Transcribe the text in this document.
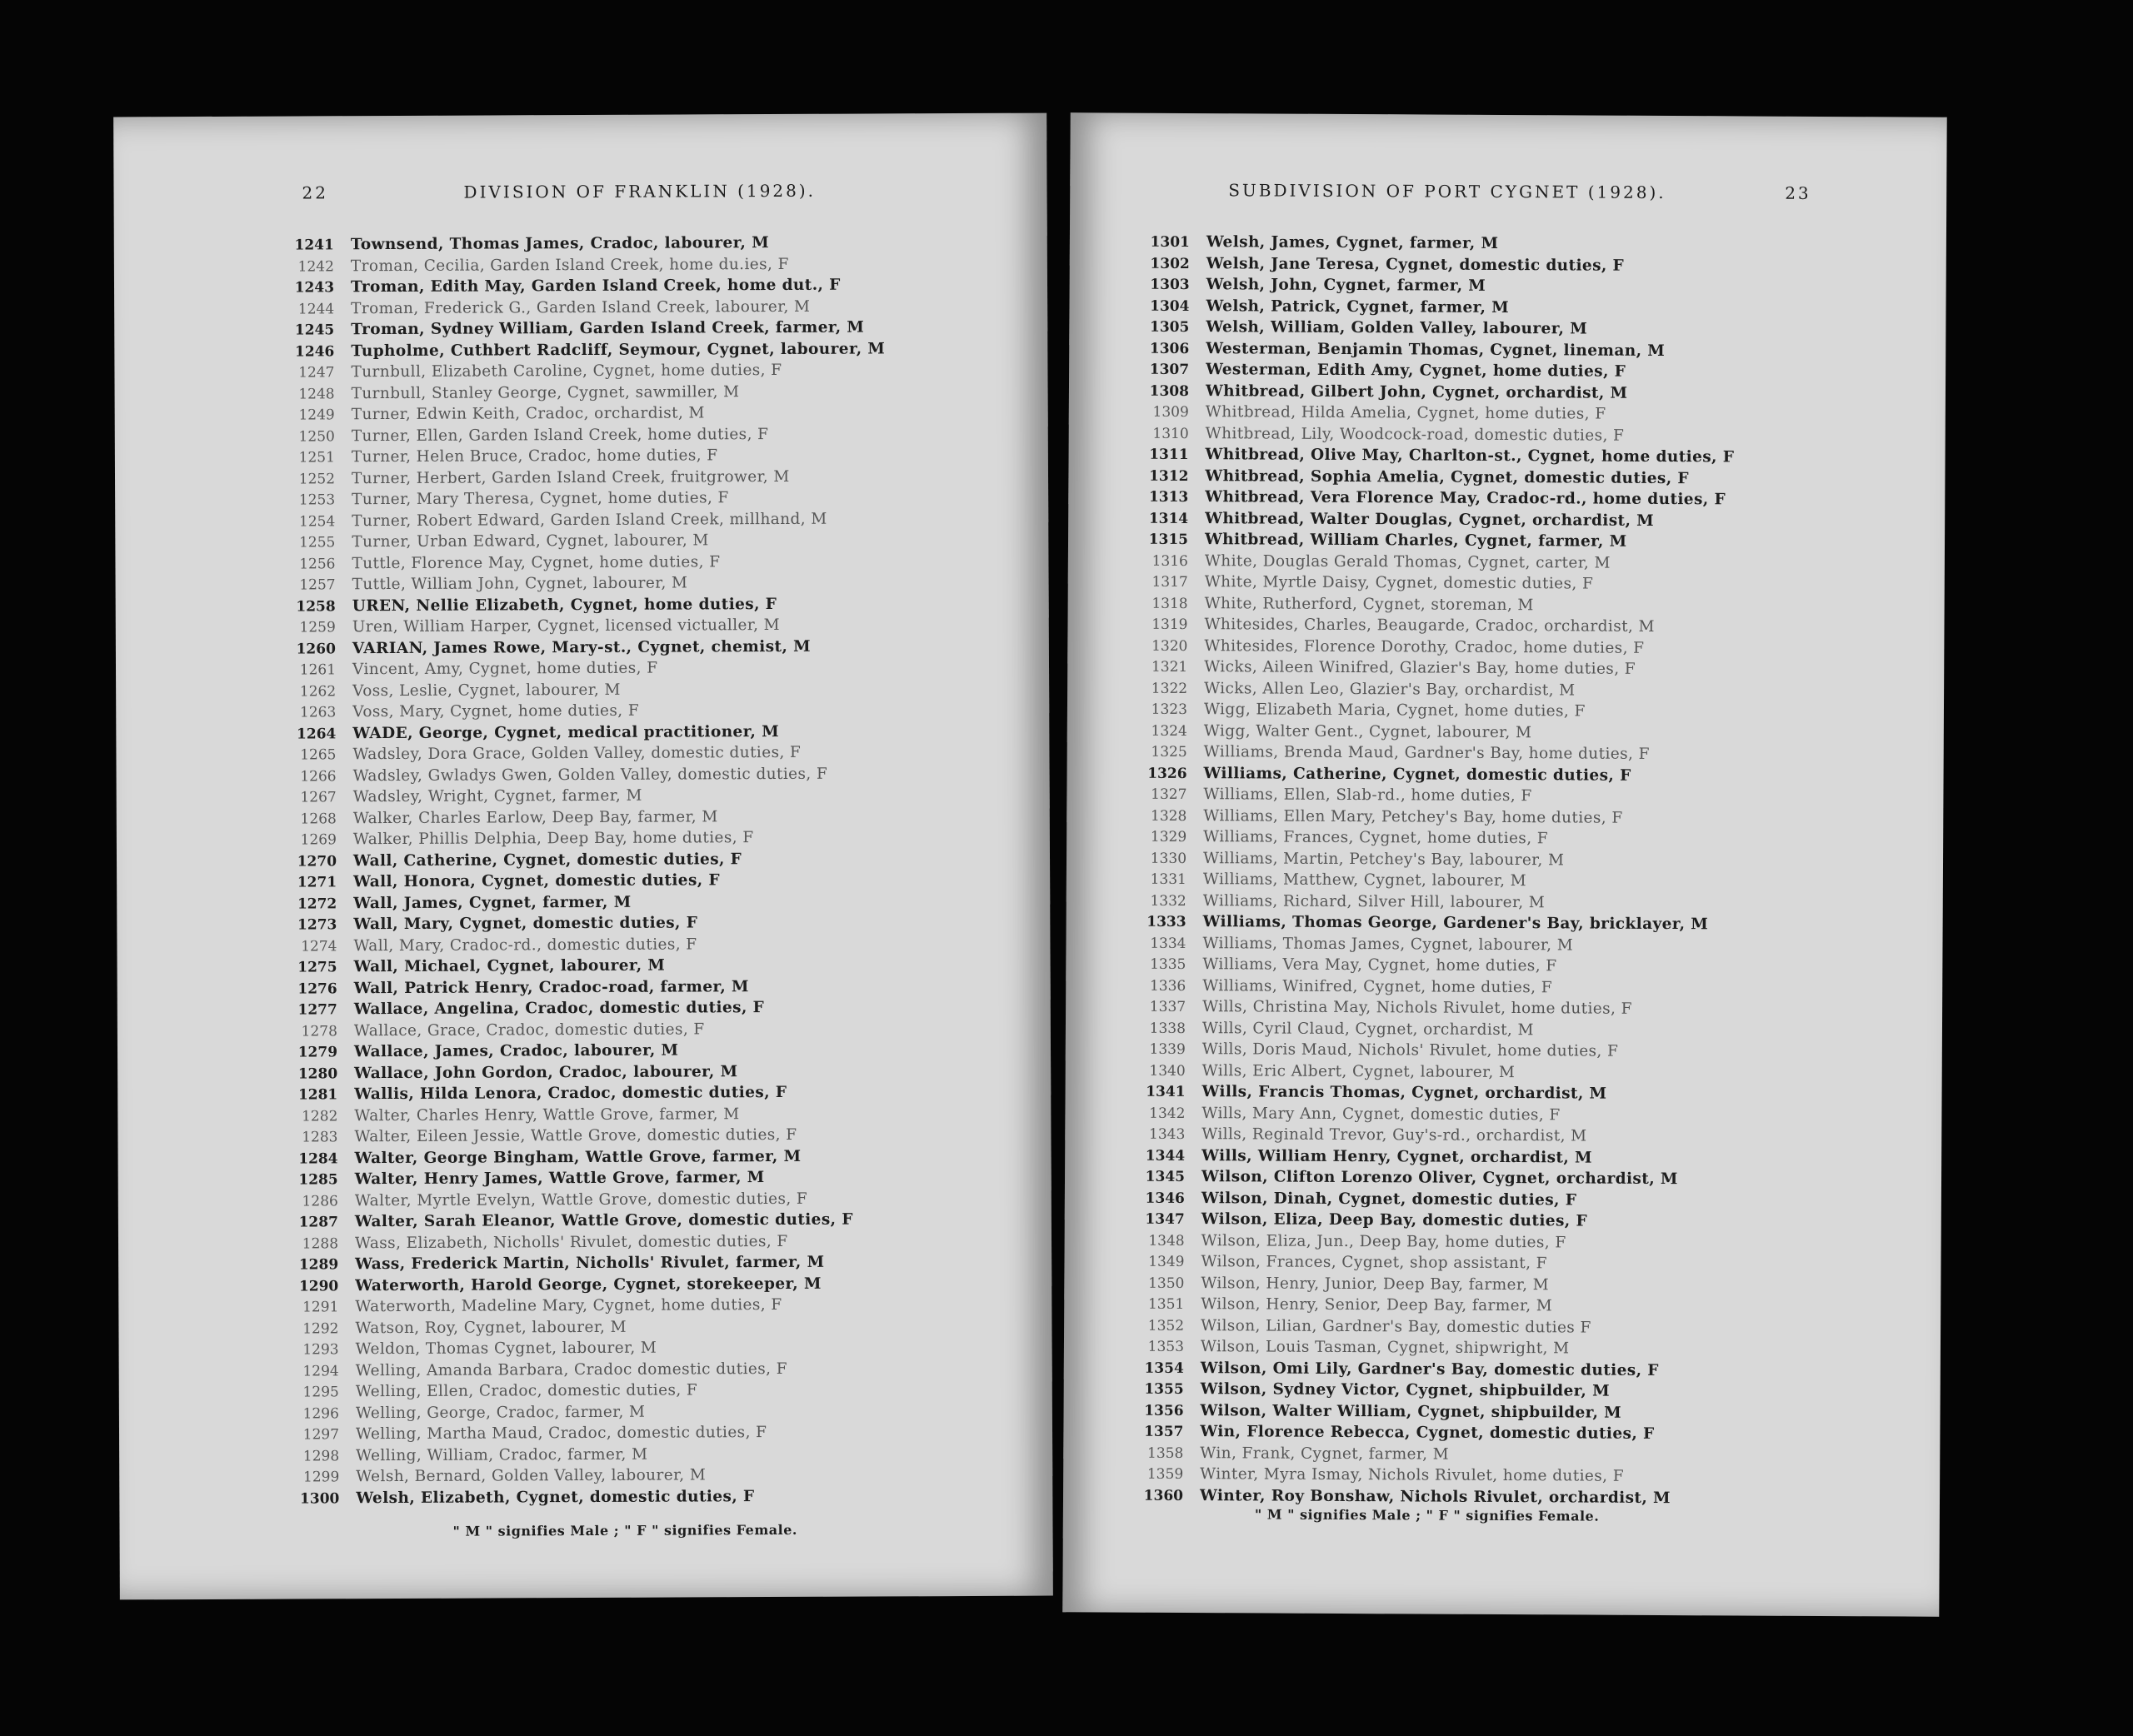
22	DIVISION OF FRANKLIN (1928).
1241 Townsend, Thomas James, Cradoc, labourer, M
1242 Troman, Cecilia, Garden Island Creek, home du.ies, F
1243 Troman, Edith May, Garden Island Creek, home dut., F
1244 Troman, Frederick G., Garden Island Creek, labourer, M
1245 Troman, Sydney William, Garden Island Creek, farmer, M
1246 Tupholme, Cuthbert Radcliff, Seymour, Cygnet, labourer, M
1247 Turnbull, Elizabeth Caroline, Cygnet, home duties, F
1248 Turnbull, Stanley George, Cygnet, sawmiller, M
1249 Turner, Edwin Keith, Cradoc, orchardist, M
1250 Turner, Ellen, Garden Island Creek, home duties, F
1251 Turner, Helen Bruce, Cradoc, home duties, F
1252 Turner, Herbert, Garden Island Creek, fruitgrower, M
1253 Turner, Mary Theresa, Cygnet, home duties, F
1254 Turner, Robert Edward, Garden Island Creek, millhand, M
1255 Turner, Urban Edward, Cygnet, labourer, M
1256 Tuttle, Florence May, Cygnet, home duties, F
1257 Tuttle, William John, Cygnet, labourer, M
1258 UREN, Nellie Elizabeth, Cygnet, home duties, F
1259 Uren, William Harper, Cygnet, licensed victualler, M
1260 VARIAN, James Rowe, Mary-st., Cygnet, chemist, M
1261 Vincent, Amy, Cygnet, home duties, F
1262 Voss, Leslie, Cygnet, labourer, M
1263 Voss, Mary, Cygnet, home duties, F
1264 WADE, George, Cygnet, medical practitioner, M
1265 Wadsley, Dora Grace, Golden Valley, domestic duties, F
1266 Wadsley, Gwladys Gwen, Golden Valley, domestic duties, F
1267 Wadsley, Wright, Cygnet, farmer, M
1268 Walker, Charles Earlow, Deep Bay, farmer, M
1269 Walker, Phillis Delphia, Deep Bay, home duties, F
1270 Wall, Catherine, Cygnet, domestic duties, F
1271 Wall, Honora, Cygnet, domestic duties, F
1272 Wall, James, Cygnet, farmer, M
1273 Wall, Mary, Cygnet, domestic duties, F
1274 Wall, Mary, Cradoc-rd., domestic duties, F
1275 Wall, Michael, Cygnet, labourer, M
1276 Wall, Patrick Henry, Cradoc-road, farmer, M
1277 Wallace, Angelina, Cradoc, domestic duties, F
1278 Wallace, Grace, Cradoc, domestic duties, F
1279 Wallace, James, Cradoc, labourer, M
1280 Wallace, John Gordon, Cradoc, labourer, M
1281 Wallis, Hilda Lenora, Cradoc, domestic duties, F
1282 Walter, Charles Henry, Wattle Grove, farmer, M
1283 Walter, Eileen Jessie, Wattle Grove, domestic duties, F
1284 Walter, George Bingham, Wattle Grove, farmer, M
1285 Walter, Henry James, Wattle Grove, farmer, M
1286 Walter, Myrtle Evelyn, Wattle Grove, domestic duties, F
1287 Walter, Sarah Eleanor, Wattle Grove, domestic duties, F
1288 Wass, Elizabeth, Nicholls' Rivulet, domestic duties, F
1289 Wass, Frederick Martin, Nicholls' Rivulet, farmer, M
1290 Waterworth, Harold George, Cygnet, storekeeper, M
1291 Waterworth, Madeline Mary, Cygnet, home duties, F
1292 Watson, Roy, Cygnet, labourer, M
1293 Weldon, Thomas Cygnet, labourer, M
1294 Welling, Amanda Barbara, Cradoc domestic duties, F
1295 Welling, Ellen, Cradoc, domestic duties, F
1296 Welling, George, Cradoc, farmer, M
1297 Welling, Martha Maud, Cradoc, domestic duties, F
1298 Welling, William, Cradoc, farmer, M
1299 Welsh, Bernard, Golden Valley, labourer, M
1300 Welsh, Elizabeth, Cygnet, domestic duties, F
" M " signifies Male ; " F " signifies Female.
SUBDIVISION OF PORT CYGNET (1928).	23
1301 Welsh, James, Cygnet, farmer, M
1302 Welsh, Jane Teresa, Cygnet, domestic duties, F
1303 Welsh, John, Cygnet, farmer, M
1304 Welsh, Patrick, Cygnet, farmer, M
1305 Welsh, William, Golden Valley, labourer, M
1306 Westerman, Benjamin Thomas, Cygnet, lineman, M
1307 Westerman, Edith Amy, Cygnet, home duties, F
1308 Whitbread, Gilbert John, Cygnet, orchardist, M
1309 Whitbread, Hilda Amelia, Cygnet, home duties, F
1310 Whitbread, Lily, Woodcock-road, domestic duties, F
1311 Whitbread, Olive May, Charlton-st., Cygnet, home duties, F
1312 Whitbread, Sophia Amelia, Cygnet, domestic duties, F
1313 Whitbread, Vera Florence May, Cradoc-rd., home duties, F
1314 Whitbread, Walter Douglas, Cygnet, orchardist, M
1315 Whitbread, William Charles, Cygnet, farmer, M
1316 White, Douglas Gerald Thomas, Cygnet, carter, M
1317 White, Myrtle Daisy, Cygnet, domestic duties, F
1318 White, Rutherford, Cygnet, storeman, M
1319 Whitesides, Charles, Beaugarde, Cradoc, orchardist, M
1320 Whitesides, Florence Dorothy, Cradoc, home duties, F
1321 Wicks, Aileen Winifred, Glazier's Bay, home duties, F
1322 Wicks, Allen Leo, Glazier's Bay, orchardist, M
1323 Wigg, Elizabeth Maria, Cygnet, home duties, F
1324 Wigg, Walter Gent., Cygnet, labourer, M
1325 Williams, Brenda Maud, Gardner's Bay, home duties, F
1326 Williams, Catherine, Cygnet, domestic duties, F
1327 Williams, Ellen, Slab-rd., home duties, F
1328 Williams, Ellen Mary, Petchey's Bay, home duties, F
1329 Williams, Frances, Cygnet, home duties, F
1330 Williams, Martin, Petchey's Bay, labourer, M
1331 Williams, Matthew, Cygnet, labourer, M
1332 Williams, Richard, Silver Hill, labourer, M
1333 Williams, Thomas George, Gardener's Bay, bricklayer, M
1334 Williams, Thomas James, Cygnet, labourer, M
1335 Williams, Vera May, Cygnet, home duties, F
1336 Williams, Winifred, Cygnet, home duties, F
1337 Wills, Christina May, Nichols Rivulet, home duties, F
1338 Wills, Cyril Claud, Cygnet, orchardist, M
1339 Wills, Doris Maud, Nichols' Rivulet, home duties, F
1340 Wills, Eric Albert, Cygnet, labourer, M
1341 Wills, Francis Thomas, Cygnet, orchardist, M
1342 Wills, Mary Ann, Cygnet, domestic duties, F
1343 Wills, Reginald Trevor, Guy's-rd., orchardist, M
1344 Wills, William Henry, Cygnet, orchardist, M
1345 Wilson, Clifton Lorenzo Oliver, Cygnet, orchardist, M
1346 Wilson, Dinah, Cygnet, domestic duties, F
1347 Wilson, Eliza, Deep Bay, domestic duties, F
1348 Wilson, Eliza, Jun., Deep Bay, home duties, F
1349 Wilson, Frances, Cygnet, shop assistant, F
1350 Wilson, Henry, Junior, Deep Bay, farmer, M
1351 Wilson, Henry, Senior, Deep Bay, farmer, M
1352 Wilson, Lilian, Gardner's Bay, domestic duties F
1353 Wilson, Louis Tasman, Cygnet, shipwright, M
1354 Wilson, Omi Lily, Gardner's Bay, domestic duties, F
1355 Wilson, Sydney Victor, Cygnet, shipbuilder, M
1356 Wilson, Walter William, Cygnet, shipbuilder, M
1357 Win, Florence Rebecca, Cygnet, domestic duties, F
1358 Win, Frank, Cygnet, farmer, M
1359 Winter, Myra Ismay, Nichols Rivulet, home duties, F
1360 Winter, Roy Bonshaw, Nichols Rivulet, orchardist, M
" M " signifies Male ; " F " signifies Female.
